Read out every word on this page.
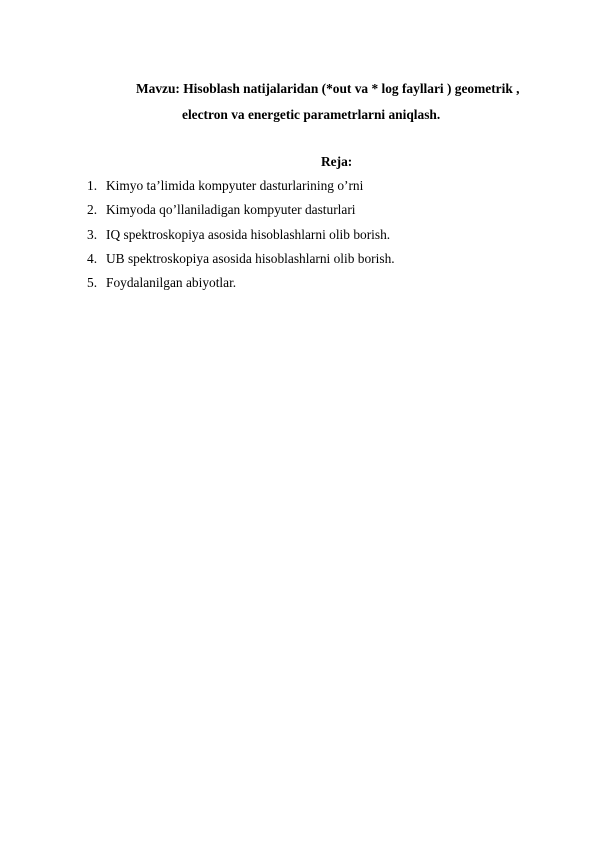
Mavzu: Hisoblash natijalaridan (*out va * log fayllari ) geometrik ,
electron va energetic parametrlarni aniqlash.
Reja:
1. Kimyo ta’limida kompyuter dasturlarining o’rni
2. Kimyoda qo’llaniladigan kompyuter dasturlari
3. IQ spektroskopiya asosida hisoblashlarni olib borish.
4. UB spektroskopiya asosida hisoblashlarni olib borish.
5. Foydalanilgan abiyotlar.
